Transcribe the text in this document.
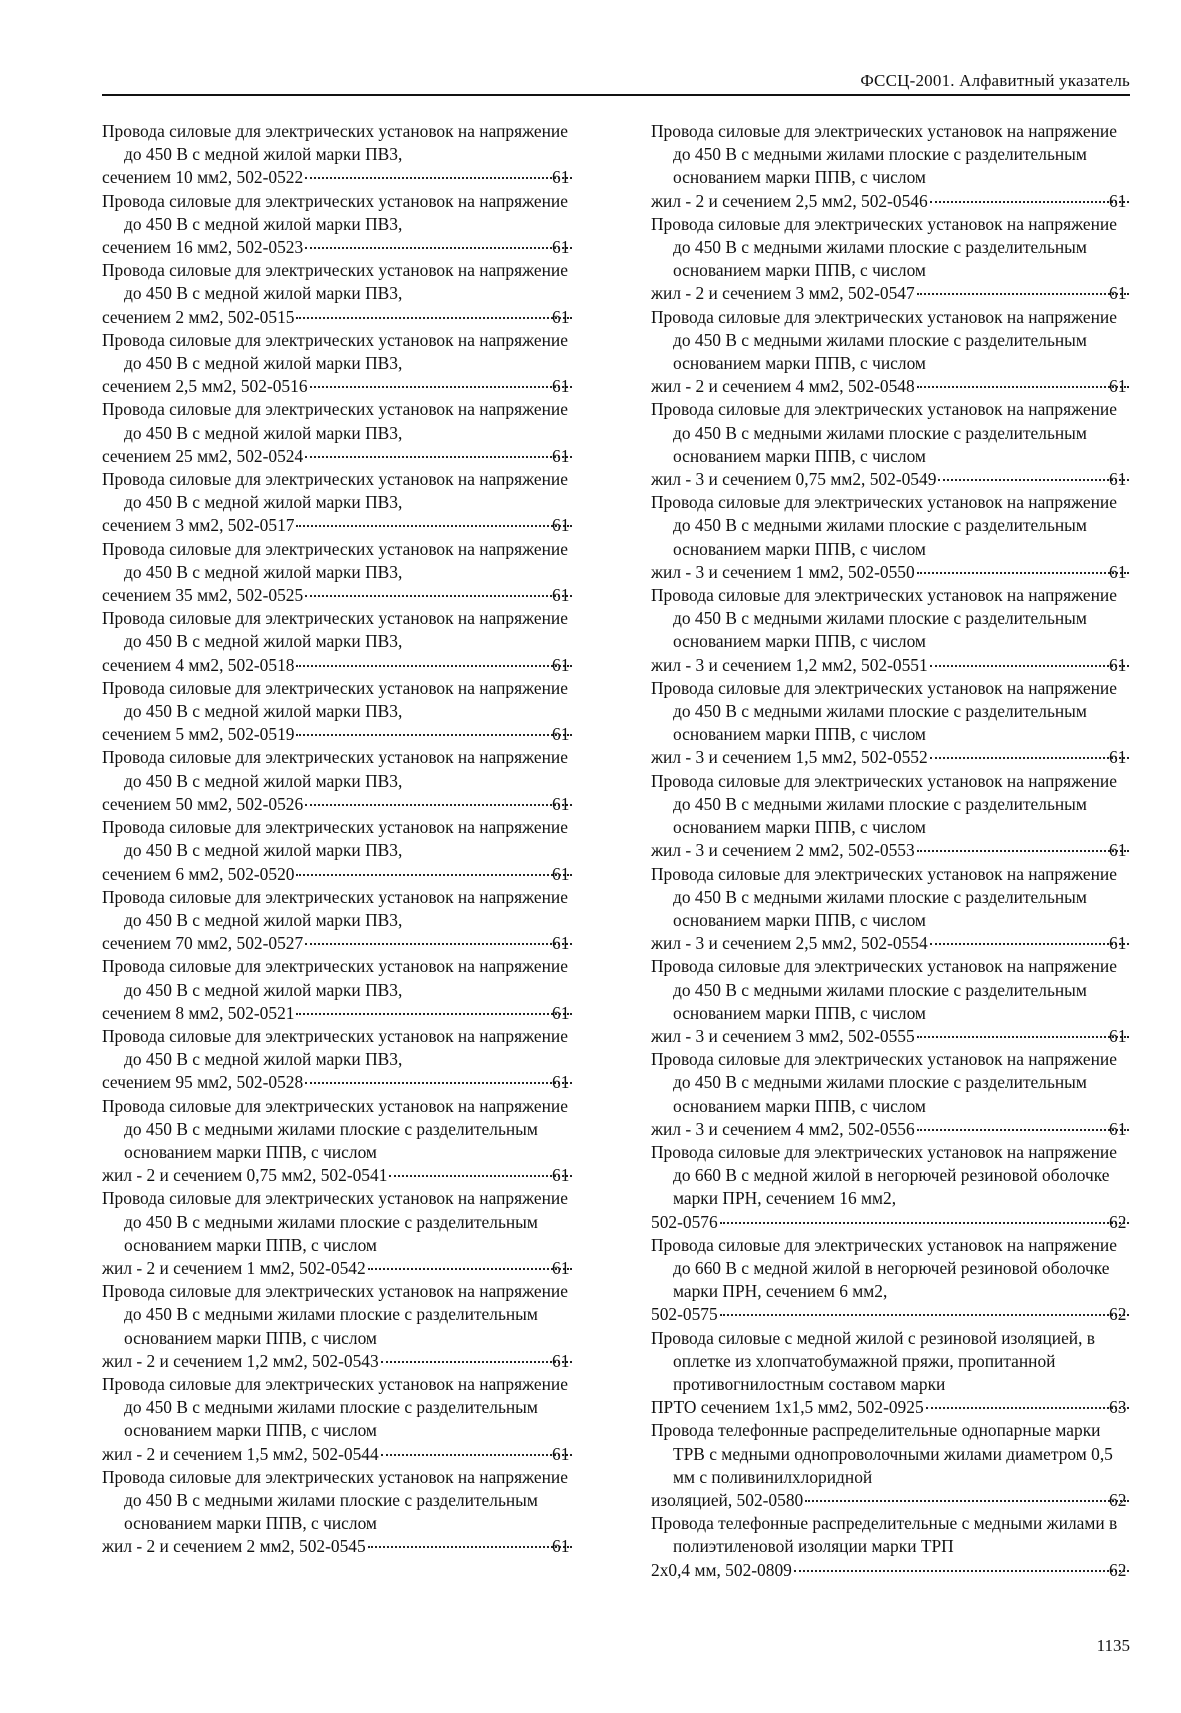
ФССЦ-2001. Алфавитный указатель

Провода силовые для электрических установок на напряжение до 450 В с медной жилой марки ПВ3,
сечением 10 мм2, 502-0522	61

Провода силовые для электрических установок на напряжение до 450 В с медной жилой марки ПВ3,
сечением 16 мм2, 502-0523	61

Провода силовые для электрических установок на напряжение до 450 В с медной жилой марки ПВ3,
сечением 2 мм2, 502-0515	61

Провода силовые для электрических установок на напряжение до 450 В с медной жилой марки ПВ3,
сечением 2,5 мм2, 502-0516	61

Провода силовые для электрических установок на напряжение до 450 В с медной жилой марки ПВ3,
сечением 25 мм2, 502-0524	61

Провода силовые для электрических установок на напряжение до 450 В с медной жилой марки ПВ3,
сечением 3 мм2, 502-0517	61

Провода силовые для электрических установок на напряжение до 450 В с медной жилой марки ПВ3,
сечением 35 мм2, 502-0525	61

Провода силовые для электрических установок на напряжение до 450 В с медной жилой марки ПВ3,
сечением 4 мм2, 502-0518	61

Провода силовые для электрических установок на напряжение до 450 В с медной жилой марки ПВ3,
сечением 5 мм2, 502-0519	61

Провода силовые для электрических установок на напряжение до 450 В с медной жилой марки ПВ3,
сечением 50 мм2, 502-0526	61

Провода силовые для электрических установок на напряжение до 450 В с медной жилой марки ПВ3,
сечением 6 мм2, 502-0520	61

Провода силовые для электрических установок на напряжение до 450 В с медной жилой марки ПВ3,
сечением 70 мм2, 502-0527	61

Провода силовые для электрических установок на напряжение до 450 В с медной жилой марки ПВ3,
сечением 8 мм2, 502-0521	61

Провода силовые для электрических установок на напряжение до 450 В с медной жилой марки ПВ3,
сечением 95 мм2, 502-0528	61

Провода силовые для электрических установок на напряжение до 450 В с медными жилами плоские с разделительным основанием марки ППВ, с числом
жил - 2 и сечением 0,75 мм2, 502-0541	61

Провода силовые для электрических установок на напряжение до 450 В с медными жилами плоские с разделительным основанием марки ППВ, с числом
жил - 2 и сечением 1 мм2, 502-0542	61

Провода силовые для электрических установок на напряжение до 450 В с медными жилами плоские с разделительным основанием марки ППВ, с числом
жил - 2 и сечением 1,2 мм2, 502-0543	61

Провода силовые для электрических установок на напряжение до 450 В с медными жилами плоские с разделительным основанием марки ППВ, с числом
жил - 2 и сечением 1,5 мм2, 502-0544	61

Провода силовые для электрических установок на напряжение до 450 В с медными жилами плоские с разделительным основанием марки ППВ, с числом
жил - 2 и сечением 2 мм2, 502-0545	61

Провода силовые для электрических установок на напряжение до 450 В с медными жилами плоские с разделительным основанием марки ППВ, с числом
жил - 2 и сечением 2,5 мм2, 502-0546	61

Провода силовые для электрических установок на напряжение до 450 В с медными жилами плоские с разделительным основанием марки ППВ, с числом
жил - 2 и сечением 3 мм2, 502-0547	61

Провода силовые для электрических установок на напряжение до 450 В с медными жилами плоские с разделительным основанием марки ППВ, с числом
жил - 2 и сечением 4 мм2, 502-0548	61

Провода силовые для электрических установок на напряжение до 450 В с медными жилами плоские с разделительным основанием марки ППВ, с числом
жил - 3 и сечением 0,75 мм2, 502-0549	61

Провода силовые для электрических установок на напряжение до 450 В с медными жилами плоские с разделительным основанием марки ППВ, с числом
жил - 3 и сечением 1 мм2, 502-0550	61

Провода силовые для электрических установок на напряжение до 450 В с медными жилами плоские с разделительным основанием марки ППВ, с числом
жил - 3 и сечением 1,2 мм2, 502-0551	61

Провода силовые для электрических установок на напряжение до 450 В с медными жилами плоские с разделительным основанием марки ППВ, с числом
жил - 3 и сечением 1,5 мм2, 502-0552	61

Провода силовые для электрических установок на напряжение до 450 В с медными жилами плоские с разделительным основанием марки ППВ, с числом
жил - 3 и сечением 2 мм2, 502-0553	61

Провода силовые для электрических установок на напряжение до 450 В с медными жилами плоские с разделительным основанием марки ППВ, с числом
жил - 3 и сечением 2,5 мм2, 502-0554	61

Провода силовые для электрических установок на напряжение до 450 В с медными жилами плоские с разделительным основанием марки ППВ, с числом
жил - 3 и сечением 3 мм2, 502-0555	61

Провода силовые для электрических установок на напряжение до 450 В с медными жилами плоские с разделительным основанием марки ППВ, с числом
жил - 3 и сечением 4 мм2, 502-0556	61

Провода силовые для электрических установок на напряжение до 660 В с медной жилой в негорючей резиновой оболочке марки ПРН, сечением 16 мм2,
502-0576	62

Провода силовые для электрических установок на напряжение до 660 В с медной жилой в негорючей резиновой оболочке марки ПРН, сечением 6 мм2,
502-0575	62

Провода силовые с медной жилой с резиновой изоляцией, в оплетке из хлопчатобумажной пряжи, пропитанной противогнилостным составом марки
ПРТО сечением 1х1,5 мм2, 502-0925	63

Провода телефонные распределительные однопарные марки ТРВ с медными однопроволочными жилами диаметром 0,5 мм с поливинилхлоридной
изоляцией, 502-0580	62

Провода телефонные распределительные с медными жилами в полиэтиленовой изоляции марки ТРП
2х0,4 мм, 502-0809	62

1135
